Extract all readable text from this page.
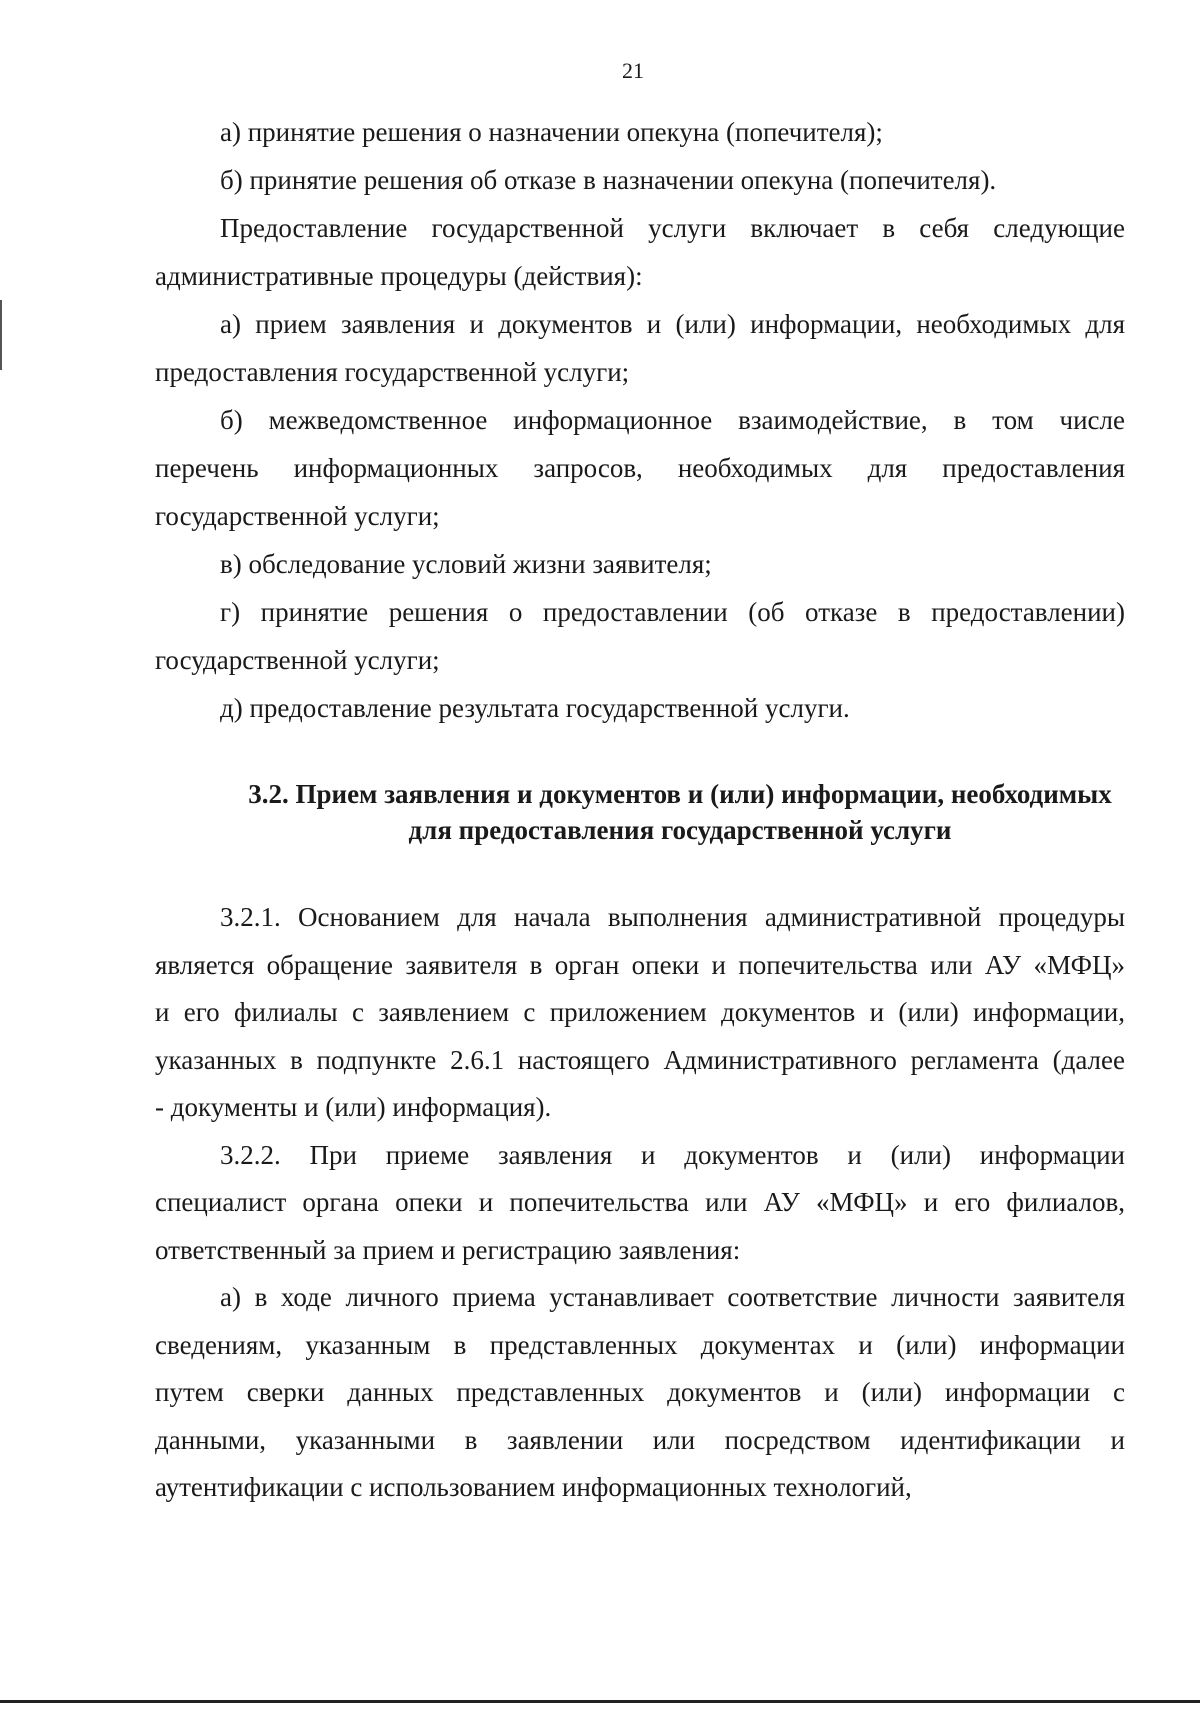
21
а) принятие решения о назначении опекуна (попечителя);
б) принятие решения об отказе в назначении опекуна (попечителя).
Предоставление государственной услуги включает в себя следующие
административные процедуры (действия):
а) прием заявления и документов и (или) информации, необходимых для
предоставления государственной услуги;
б) межведомственное информационное взаимодействие, в том числе
перечень информационных запросов, необходимых для предоставления
государственной услуги;
в) обследование условий жизни заявителя;
г) принятие решения о предоставлении (об отказе в предоставлении)
государственной услуги;
д) предоставление результата государственной услуги.
3.2. Прием заявления и документов и (или) информации, необходимых
для предоставления государственной услуги
3.2.1. Основанием для начала выполнения административной процедуры
является обращение заявителя в орган опеки и попечительства или АУ «МФЦ»
и его филиалы с заявлением с приложением документов и (или) информации,
указанных в подпункте 2.6.1 настоящего Административного регламента (далее
- документы и (или) информация).
3.2.2. При приеме заявления и документов и (или) информации
специалист органа опеки и попечительства или АУ «МФЦ» и его филиалов,
ответственный за прием и регистрацию заявления:
а) в ходе личного приема устанавливает соответствие личности заявителя
сведениям, указанным в представленных документах и (или) информации
путем сверки данных представленных документов и (или) информации с
данными, указанными в заявлении или посредством идентификации и
аутентификации с использованием информационных технологий,
